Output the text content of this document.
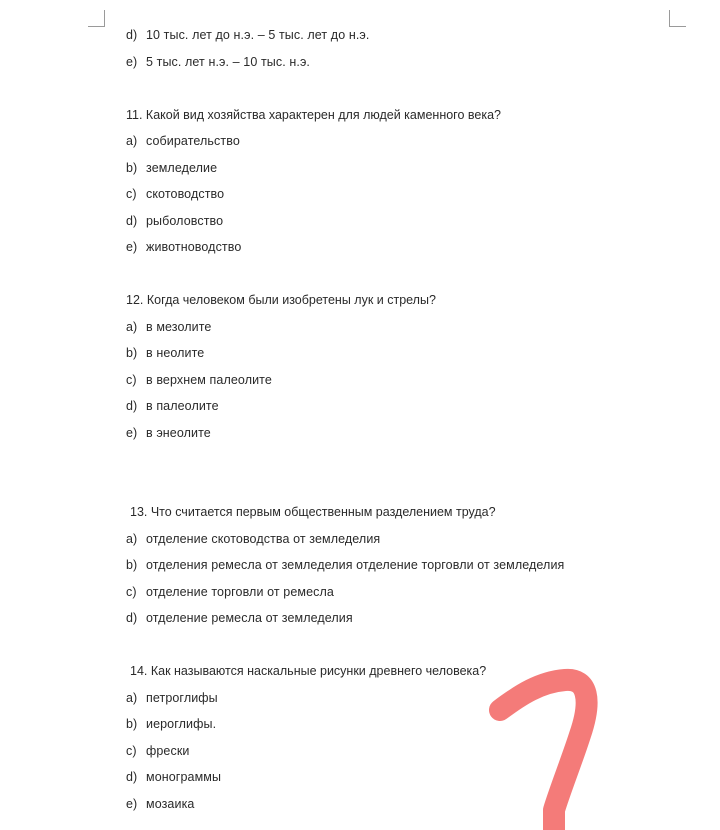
d) 10 тыс. лет до н.э. – 5 тыс. лет до н.э.
e) 5 тыс. лет н.э. – 10 тыс. н.э.
11. Какой вид хозяйства характерен для людей каменного века?
a) собирательство
b) земледелие
c) скотоводство
d) рыболовство
e) животноводство
12. Когда человеком были изобретены лук и стрелы?
a) в мезолите
b) в неолите
c) в верхнем палеолите
d) в палеолите
e) в энеолите
13. Что считается первым общественным разделением труда?
a) отделение скотоводства от земледелия
b) отделения ремесла от земледелия отделение торговли от земледелия
c) отделение торговли от ремесла
d) отделение ремесла от земледелия
14. Как называются наскальные рисунки древнего человека?
a) петроглифы
b) иероглифы.
c) фрески
d) монограммы
e) мозаика
